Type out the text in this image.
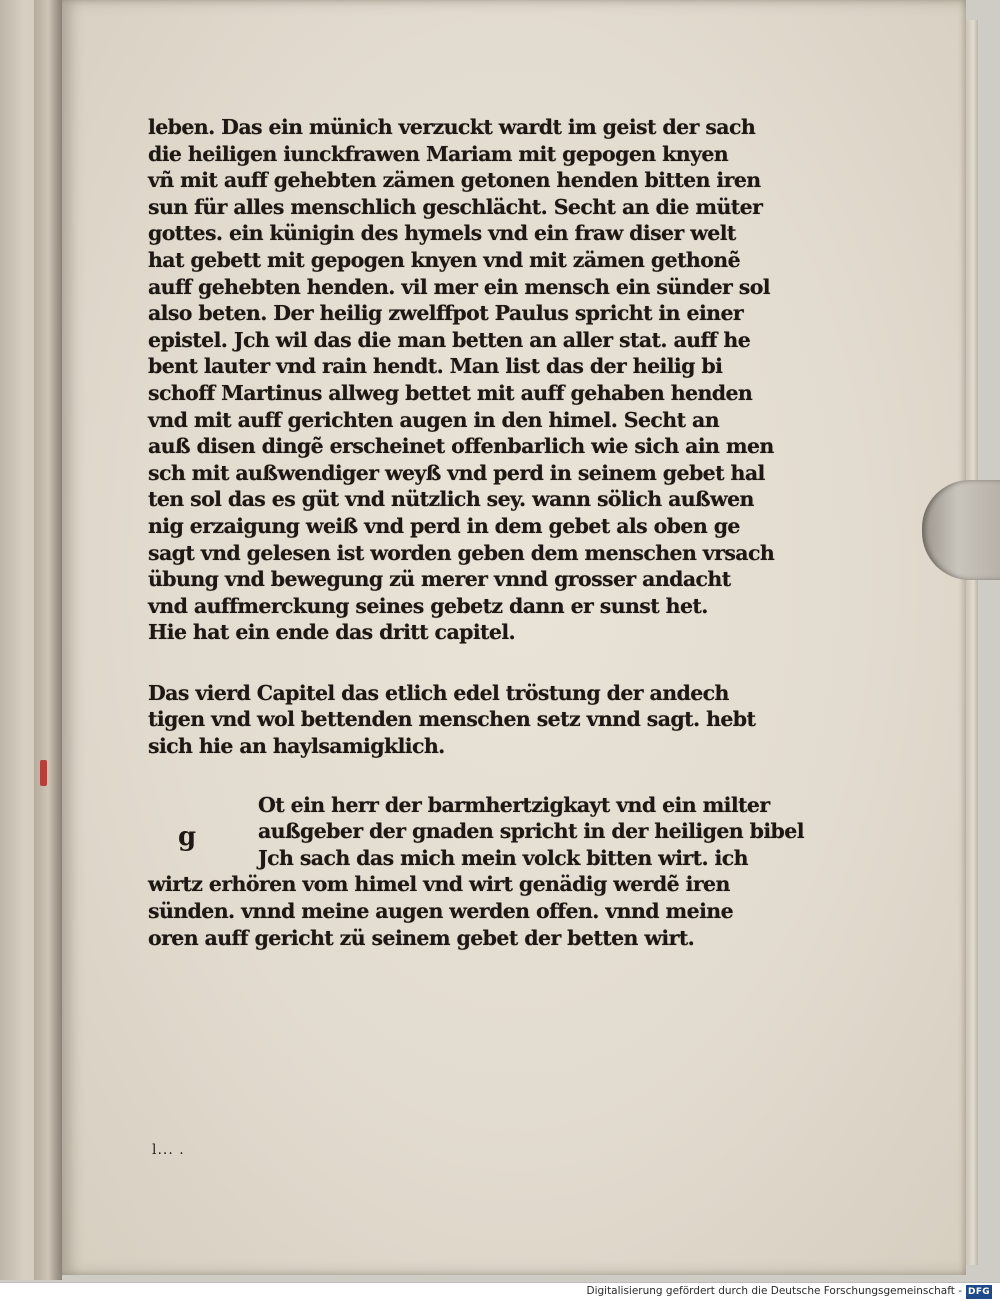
leben. Das ein münich verzuckt wardt im geist der sach
die heiligen iunckfrawen Mariam mit gepogen knyen
vñ mit auff gehebten zämen getonen henden bitten iren
sun für alles menschlich geschlächt. Secht an die müter
gottes. ein künigin des hymels vnd ein fraw diser welt
hat gebett mit gepogen knyen vnd mit zämen gethonẽ
auff gehebten henden. vil mer ein mensch ein sünder sol
also beten. Der heilig zwelffpot Paulus spricht in einer
epistel. Jch wil das die man betten an aller stat. auff he
bent lauter vnd rain hendt. Man list das der heilig bi
schoff Martinus allweg bettet mit auff gehaben henden
vnd mit auff gerichten augen in den himel. Secht an
auß disen dingẽ erscheinet offenbarlich wie sich ain men
sch mit außwendiger weyß vnd perd in seinem gebet hal
ten sol das es güt vnd nützlich sey. wann sölich außwen
nig erzaigung weiß vnd perd in dem gebet als oben ge
sagt vnd gelesen ist worden geben dem menschen vrsach
übung vnd bewegung zü merer vnnd grosser andacht
vnd auffmerckung seines gebetz dann er sunst het.
Hie hat ein ende das dritt capitel.
Das vierd Capitel das etlich edel tröstung der andech
tigen vnd wol bettenden menschen setz vnnd sagt. hebt
sich hie an haylsamigklich.
g
Ot ein herr der barmhertzigkayt vnd ein milter
außgeber der gnaden spricht in der heiligen bibel
Jch sach das mich mein volck bitten wirt. ich
wirtz erhören vom himel vnd wirt genädig werdẽ iren
sünden. vnnd meine augen werden offen. vnnd meine
oren auff gericht zü seinem gebet der betten wirt.
l... .
Digitalisierung gefördert durch die Deutsche Forschungsgemeinschaft - DFG
